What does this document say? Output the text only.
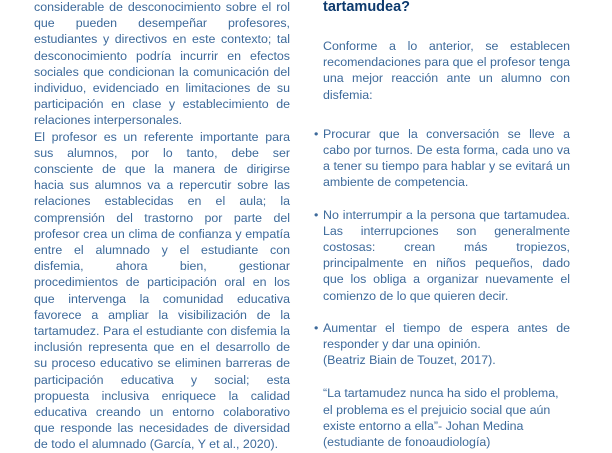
considerable de desconocimiento sobre el rol que pueden desempeñar profesores, estudiantes y directivos en este contexto; tal desconocimiento podría incurrir en efectos sociales que condicionan la comunicación del individuo, evidenciado en limitaciones de su participación en clase y establecimiento de relaciones interpersonales.

El profesor es un referente importante para sus alumnos, por lo tanto, debe ser consciente de que la manera de dirigirse hacia sus alumnos va a repercutir sobre las relaciones establecidas en el aula; la comprensión del trastorno por parte del profesor crea un clima de confianza y empatía entre el alumnado y el estudiante con disfemia, ahora bien, gestionar procedimientos de participación oral en los que intervenga la comunidad educativa favorece a ampliar la visibilización de la tartamudez. Para el estudiante con disfemia la inclusión representa que en el desarrollo de su proceso educativo se eliminen barreras de participación educativa y social; esta propuesta inclusiva enriquece la calidad educativa creando un entorno colaborativo que responde las necesidades de diversidad de todo el alumnado (García, Y et al., 2020).

tartamudea?

Conforme a lo anterior, se establecen recomendaciones para que el profesor tenga una mejor reacción ante un alumno con disfemia:

• Procurar que la conversación se lleve a cabo por turnos. De esta forma, cada uno va a tener su tiempo para hablar y se evitará un ambiente de competencia.

• No interrumpir a la persona que tartamudea. Las interrupciones son generalmente costosas: crean más tropiezos, principalmente en niños pequeños, dado que los obliga a organizar nuevamente el comienzo de lo que quieren decir.

• Aumentar el tiempo de espera antes de responder y dar una opinión.

(Beatriz Biain de Touzet, 2017).

“La tartamudez nunca ha sido el problema, el problema es el prejuicio social que aún existe entorno a ella”- Johan Medina (estudiante de fonoaudiología)
